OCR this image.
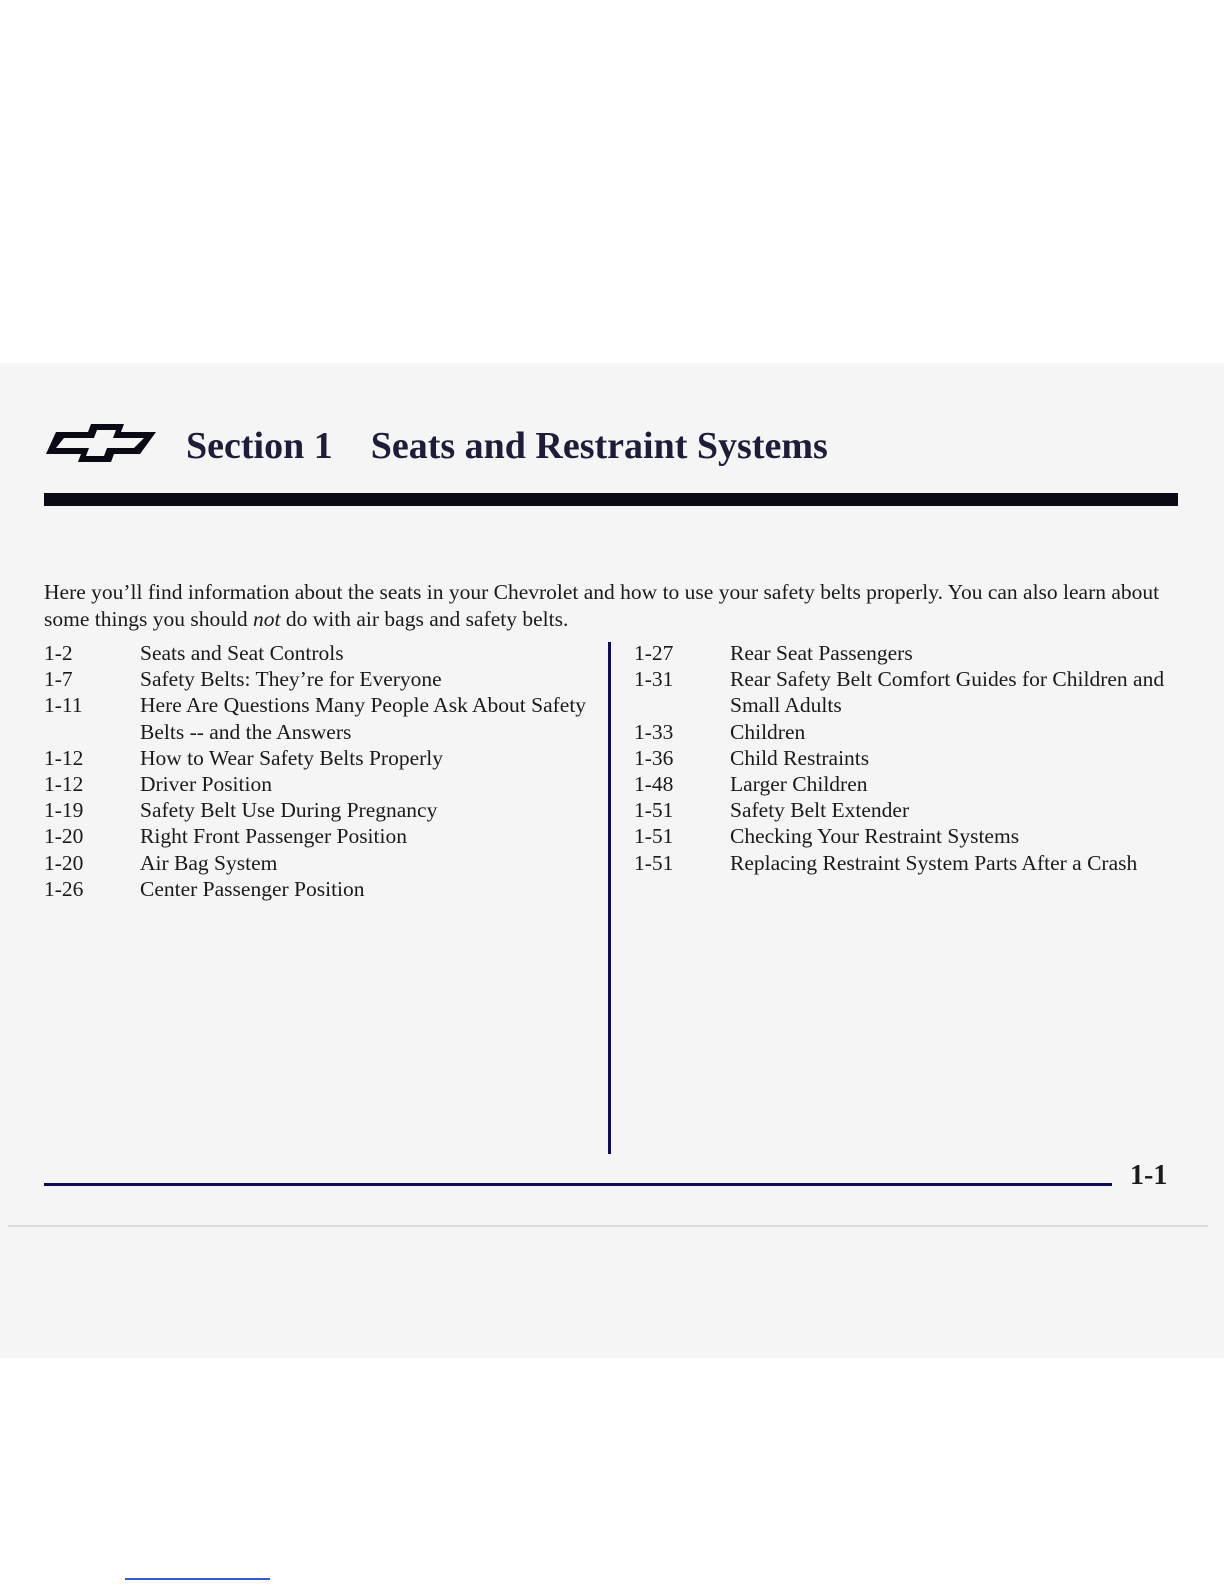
Section 1 Seats and Restraint Systems

Here you’ll find information about the seats in your Chevrolet and how to use your safety belts properly. You can also learn about some things you should not do with air bags and safety belts.

1-2	Seats and Seat Controls
1-7	Safety Belts: They’re for Everyone
1-11	Here Are Questions Many People Ask About Safety Belts -- and the Answers
1-12	How to Wear Safety Belts Properly
1-12	Driver Position
1-19	Safety Belt Use During Pregnancy
1-20	Right Front Passenger Position
1-20	Air Bag System
1-26	Center Passenger Position
1-27	Rear Seat Passengers
1-31	Rear Safety Belt Comfort Guides for Children and Small Adults
1-33	Children
1-36	Child Restraints
1-48	Larger Children
1-51	Safety Belt Extender
1-51	Checking Your Restraint Systems
1-51	Replacing Restraint System Parts After a Crash
1-1
